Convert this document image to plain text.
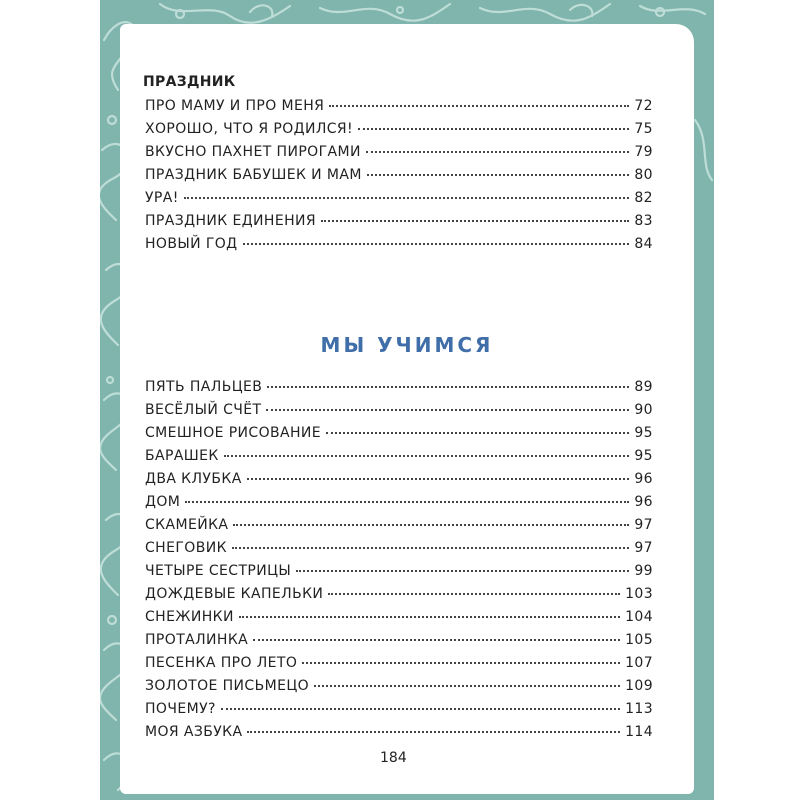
ПРАЗДНИК
ПРО МАМУ И ПРО МЕНЯ	72
ХОРОШО, ЧТО Я РОДИЛСЯ!	75
ВКУСНО ПАХНЕТ ПИРОГАМИ	79
ПРАЗДНИК БАБУШЕК И МАМ	80
УРА!	82
ПРАЗДНИК ЕДИНЕНИЯ	83
НОВЫЙ ГОД	84
МЫ УЧИМСЯ
ПЯТЬ ПАЛЬЦЕВ	89
ВЕСЁЛЫЙ СЧЁТ	90
СМЕШНОЕ РИСОВАНИЕ	95
БАРАШЕК	95
ДВА КЛУБКА	96
ДОМ	96
СКАМЕЙКА	97
СНЕГОВИК	97
ЧЕТЫРЕ СЕСТРИЦЫ	99
ДОЖДЕВЫЕ КАПЕЛЬКИ	103
СНЕЖИНКИ	104
ПРОТАЛИНКА	105
ПЕСЕНКА ПРО ЛЕТО	107
ЗОЛОТОЕ ПИСЬМЕЦО	109
ПОЧЕМУ?	113
МОЯ АЗБУКА	114
184
